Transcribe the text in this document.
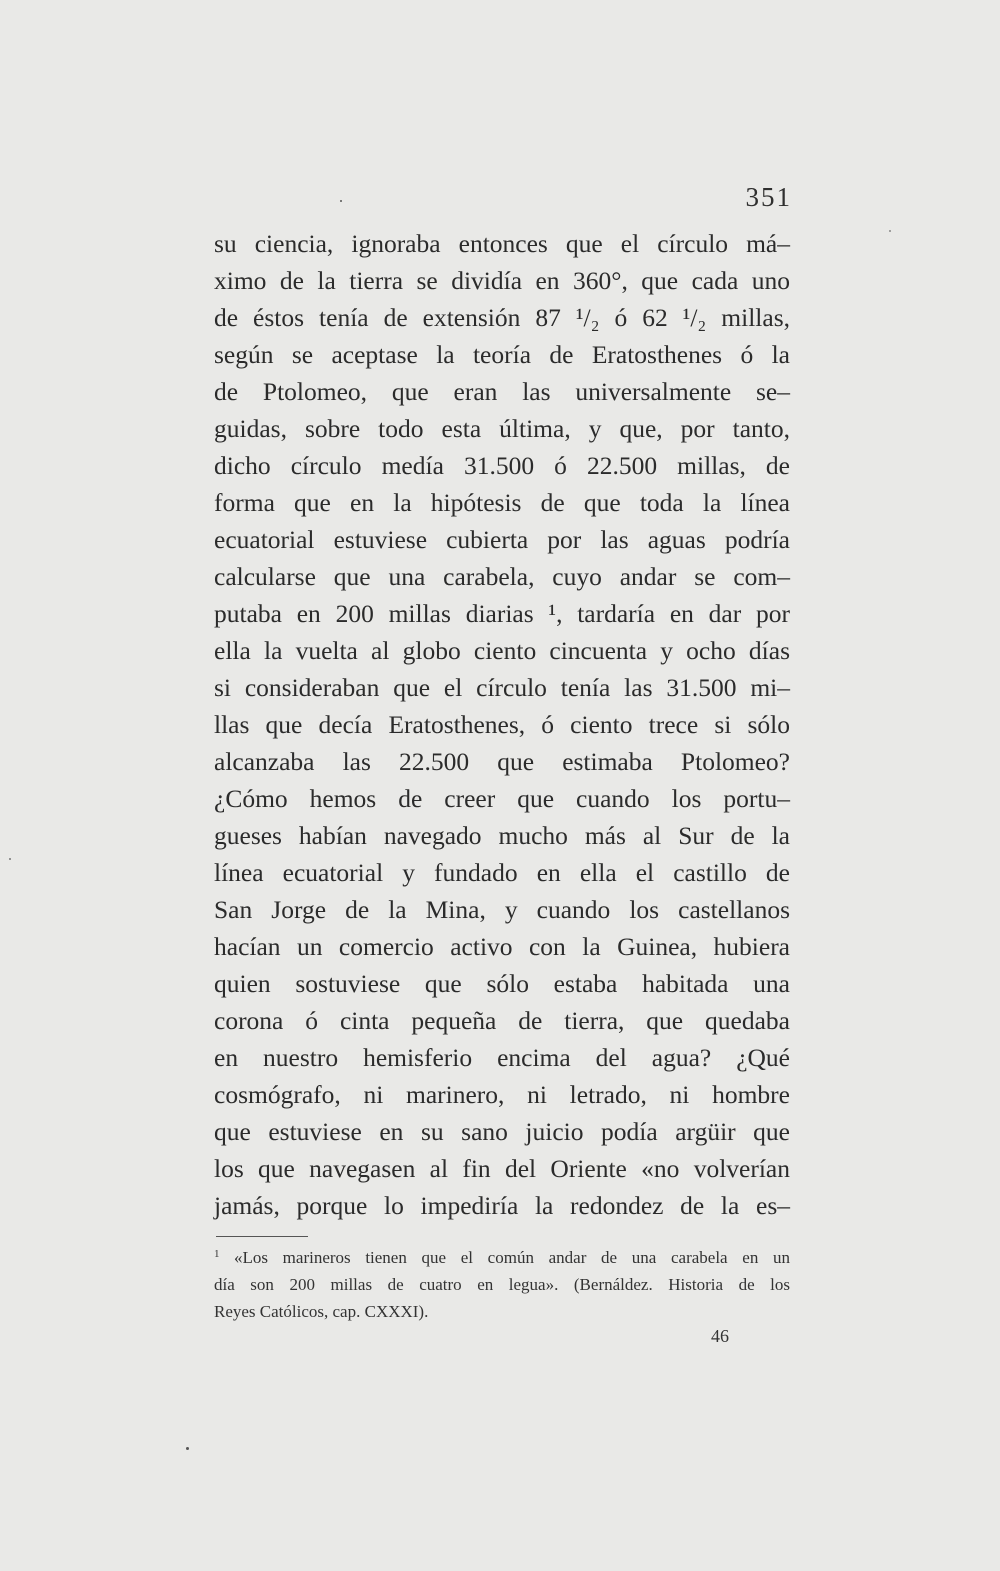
351
su ciencia, ignoraba entonces que el círculo má–
ximo de la tierra se dividía en 360°, que cada uno
de éstos tenía de extensión 87 ¹/₂ ó 62 ¹/₂ millas,
según se aceptase la teoría de Eratosthenes ó la
de Ptolomeo, que eran las universalmente se–
guidas, sobre todo esta última, y que, por tanto,
dicho círculo medía 31.500 ó 22.500 millas, de
forma que en la hipótesis de que toda la línea
ecuatorial estuviese cubierta por las aguas podría
calcularse que una carabela, cuyo andar se com–
putaba en 200 millas diarias ¹, tardaría en dar por
ella la vuelta al globo ciento cincuenta y ocho días
si consideraban que el círculo tenía las 31.500 mi–
llas que decía Eratosthenes, ó ciento trece si sólo
alcanzaba las 22.500 que estimaba Ptolomeo?
¿Cómo hemos de creer que cuando los portu–
gueses habían navegado mucho más al Sur de la
línea ecuatorial y fundado en ella el castillo de
San Jorge de la Mina, y cuando los castellanos
hacían un comercio activo con la Guinea, hubiera
quien sostuviese que sólo estaba habitada una
corona ó cinta pequeña de tierra, que quedaba
en nuestro hemisferio encima del agua? ¿Qué
cosmógrafo, ni marinero, ni letrado, ni hombre
que estuviese en su sano juicio podía argüir que
los que navegasen al fin del Oriente «no volverían
jamás, porque lo impediría la redondez de la es–
1 «Los marineros tienen que el común andar de una carabela en un
día son 200 millas de cuatro en legua». (Bernáldez. Historia de los
Reyes Católicos, cap. CXXXI).
46
